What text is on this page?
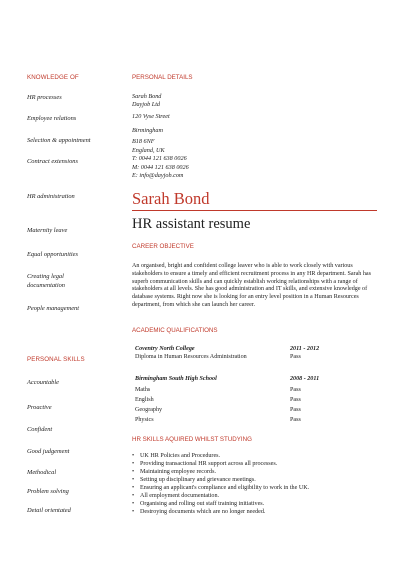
KNOWLEDGE OF
HR processes
Employee relations
Selection & appointment
Contract extensions
HR administration
Maternity leave
Equal opportunities
Creating legal documentation
People management
PERSONAL SKILLS
Accountable
Proactive
Confident
Good judgement
Methodical
Problem solving
Detail orientated
PERSONAL DETAILS
Sarah Bond
Dayjob Ltd
120 Vyse Street
Birmingham
B18 6NF
England, UK
T: 0044 121 638 0026
M: 0044 121 638 0026
E: info@dayjob.com
Sarah Bond
HR assistant resume
CAREER OBJECTIVE
An organised, bright and confident college leaver who is able to work closely with various stakeholders to ensure a timely and efficient recruitment process in any HR department. Sarah has superb communication skills and can quickly establish working relationships with a range of stakeholders at all levels. She has good administration and IT skills, and extensive knowledge of database systems. Right now she is looking for an entry level position in a Human Resources department, from which she can launch her career.
ACADEMIC QUALIFICATIONS
Coventry North College	2011 - 2012
Diploma in Human Resources Administration	Pass
Birmingham South High School	2008 - 2011
Maths	Pass
English	Pass
Geography	Pass
Physics	Pass
HR SKILLS AQUIRED WHILST STUDYING
• UK HR Policies and Procedures.
• Providing transactional HR support across all processes.
• Maintaining employee records.
• Setting up disciplinary and grievance meetings.
• Ensuring an applicant's compliance and eligibility to work in the UK.
• All employment documentation.
• Organising and rolling out staff training initiatives.
• Destroying documents which are no longer needed.
